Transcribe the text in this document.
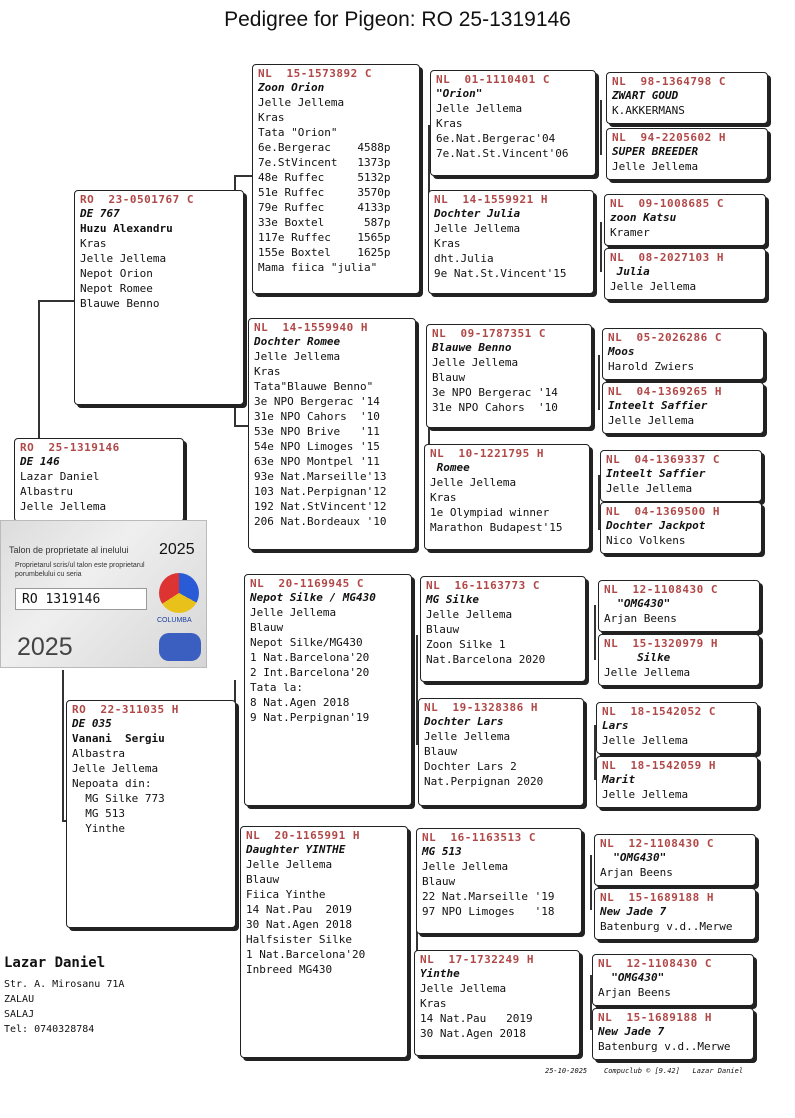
Pedigree for Pigeon: RO 25-1319146
RO  25-1319146
DE 146
Lazar Daniel
Albastru
Jelle Jellema
RO  23-0501767 C
DE 767
Huzu Alexandru
Kras
Jelle Jellema
Nepot Orion
Nepot Romee
Blauwe Benno
RO  22-311035 H
DE 035
Vanani  Sergiu
Albastra
Jelle Jellema
Nepoata din:
MG Silke 773
MG 513
Yinthe
NL  15-1573892 C
Zoon Orion
Jelle Jellema
Kras
Tata "Orion"
6e.Bergerac    4588p
7e.StVincent   1373p
48e Ruffec     5132p
51e Ruffec     3570p
79e Ruffec     4133p
33e Boxtel      587p
117e Ruffec    1565p
155e Boxtel    1625p
Mama fiica "julia"
NL  14-1559940 H
Dochter Romee
Jelle Jellema
Kras
Tata"Blauwe Benno"
3e NPO Bergerac '14
31e NPO Cahors  '10
53e NPO Brive   '11
54e NPO Limoges '15
63e NPO Montpel '11
93e Nat.Marseille'13
103 Nat.Perpignan'12
192 Nat.StVincent'12
206 Nat.Bordeaux '10
NL  20-1169945 C
Nepot Silke / MG430
Jelle Jellema
Blauw
Nepot Silke/MG430
1 Nat.Barcelona'20
2 Int.Barcelona'20
Tata la:
8 Nat.Agen 2018
9 Nat.Perpignan'19
NL  20-1165991 H
Daughter YINTHE
Jelle Jellema
Blauw
Fiica Yinthe
14 Nat.Pau  2019
30 Nat.Agen 2018
Halfsister Silke
1 Nat.Barcelona'20
Inbreed MG430
NL  01-1110401 C
"Orion"
Jelle Jellema
Kras
6e.Nat.Bergerac'04
7e.Nat.St.Vincent'06
NL  14-1559921 H
Dochter Julia
Jelle Jellema
Kras
dht.Julia
9e Nat.St.Vincent'15
NL  09-1787351 C
Blauwe Benno
Jelle Jellema
Blauw
3e NPO Bergerac '14
31e NPO Cahors  '10
NL  10-1221795 H
Romee
Jelle Jellema
Kras
1e Olympiad winner
Marathon Budapest'15
NL  16-1163773 C
MG Silke
Jelle Jellema
Blauw
Zoon Silke 1
Nat.Barcelona 2020
NL  19-1328386 H
Dochter Lars
Jelle Jellema
Blauw
Dochter Lars 2
Nat.Perpignan 2020
NL  16-1163513 C
MG 513
Jelle Jellema
Blauw
22 Nat.Marseille '19
97 NPO Limoges   '18
NL  17-1732249 H
Yinthe
Jelle Jellema
Kras
14 Nat.Pau   2019
30 Nat.Agen 2018
NL  98-1364798 C
ZWART GOUD
K.AKKERMANS
NL  94-2205602 H
SUPER BREEDER
Jelle Jellema
NL  09-1008685 C
zoon Katsu
Kramer
NL  08-2027103 H
Julia
Jelle Jellema
NL  05-2026286 C
Moos
Harold Zwiers
NL  04-1369265 H
Inteelt Saffier
Jelle Jellema
NL  04-1369337 C
Inteelt Saffier
Jelle Jellema
NL  04-1369500 H
Dochter Jackpot
Nico Volkens
NL  12-1108430 C
"OMG430"
Arjan Beens
NL  15-1320979 H
Silke
Jelle Jellema
NL  18-1542052 C
Lars
Jelle Jellema
NL  18-1542059 H
Marit
Jelle Jellema
NL  12-1108430 C
"OMG430"
Arjan Beens
NL  15-1689188 H
New Jade 7
Batenburg v.d..Merwe
NL  12-1108430 C
"OMG430"
Arjan Beens
NL  15-1689188 H
New Jade 7
Batenburg v.d..Merwe
Talon de proprietate al inelului
Proprietarul scris/ul talon este proprietarul porumbelului cu seria
2025
RO 1319146
2025
COLUMBA
Lazar Daniel
Str. A. Mirosanu 71A
ZALAU
SALAJ
Tel: 0740328784
25-10-2025    Compuclub © [9.42]   Lazar Daniel
